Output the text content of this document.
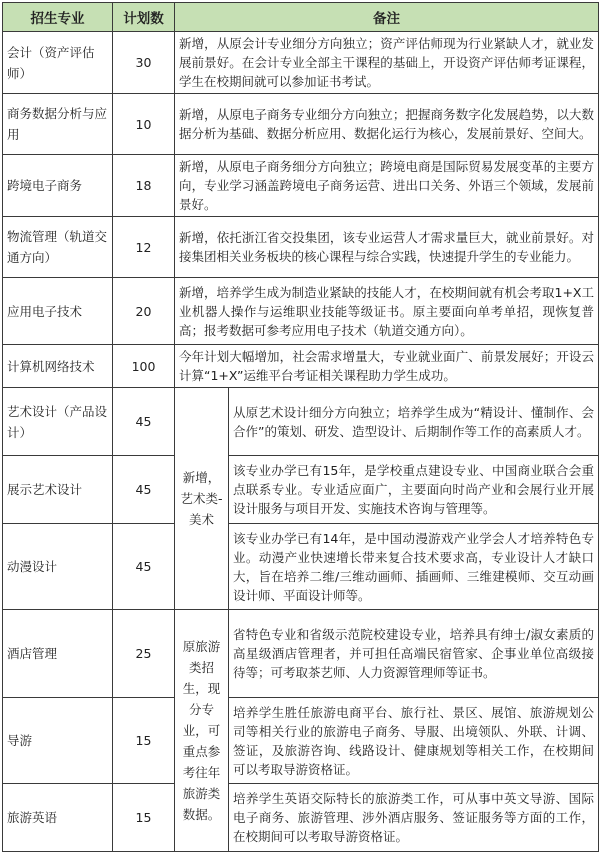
招生专业	计划数	备注	
会计（资产评估师）	30	新增，从原会计专业细分方向独立；资产评估师现为行业紧缺人才，就业发展前景好。在会计专业全部主干课程的基础上，开设资产评估师考证课程，学生在校期间就可以参加证书考试。	
商务数据分析与应用	10	新增，从原电子商务专业细分方向独立；把握商务数字化发展趋势，以大数据分析为基础、数据分析应用、数据化运行为核心，发展前景好、空间大。	
跨境电子商务	18	新增，从原电子商务细分方向独立；跨境电商是国际贸易发展变革的主要方向，专业学习涵盖跨境电子商务运营、进出口关务、外语三个领域，发展前景好。	
物流管理（轨道交通方向）	12	新增，依托浙江省交投集团，该专业运营人才需求量巨大，就业前景好。对接集团相关业务板块的核心课程与综合实践，快速提升学生的专业能力。	
应用电子技术	20	新增，培养学生成为制造业紧缺的技能人才，在校期间就有机会考取1+X工业机器人操作与运维职业技能等级证书。原主要面向单考单招，现恢复普高；报考数据可参考应用电子技术（轨道交通方向）。	
计算机网络技术	100	今年计划大幅增加，社会需求增量大，专业就业面广、前景发展好；开设云计算“1+X”运维平台考证相关课程助力学生成功。	
艺术设计（产品设计）	45	新增，艺术类-美术	从原艺术设计细分方向独立；培养学生成为“精设计、懂制作、会合作”的策划、研发、造型设计、后期制作等工作的高素质人才。
展示艺术设计	45		该专业办学已有15年，是学校重点建设专业、中国商业联合会重点联系专业。专业适应面广，主要面向时尚产业和会展行业开展设计服务与项目开发、实施技术咨询与管理等。
动漫设计	45		该专业办学已有14年，是中国动漫游戏产业学会人才培养特色专业。动漫产业快速增长带来复合技术要求高，专业设计人才缺口大，旨在培养二维/三维动画师、插画师、三维建模师、交互动画设计师、平面设计师等。
酒店管理	25	原旅游类招生，现分专业，可重点参考往年旅游类数据。	省特色专业和省级示范院校建设专业，培养具有绅士/淑女素质的高星级酒店管理者，并可担任高端民宿管家、企事业单位高级接待等；可考取茶艺师、人力资源管理师等证书。
导游	15		培养学生胜任旅游电商平台、旅行社、景区、展馆、旅游规划公司等相关行业的旅游电子商务、导服、出境领队、外联、计调、签证，及旅游咨询、线路设计、健康规划等相关工作，在校期间可以考取导游资格证。
旅游英语	15		培养学生英语交际特长的旅游类工作，可从事中英文导游、国际电子商务、旅游管理、涉外酒店服务、签证服务等方面的工作，在校期间可以考取导游资格证。
